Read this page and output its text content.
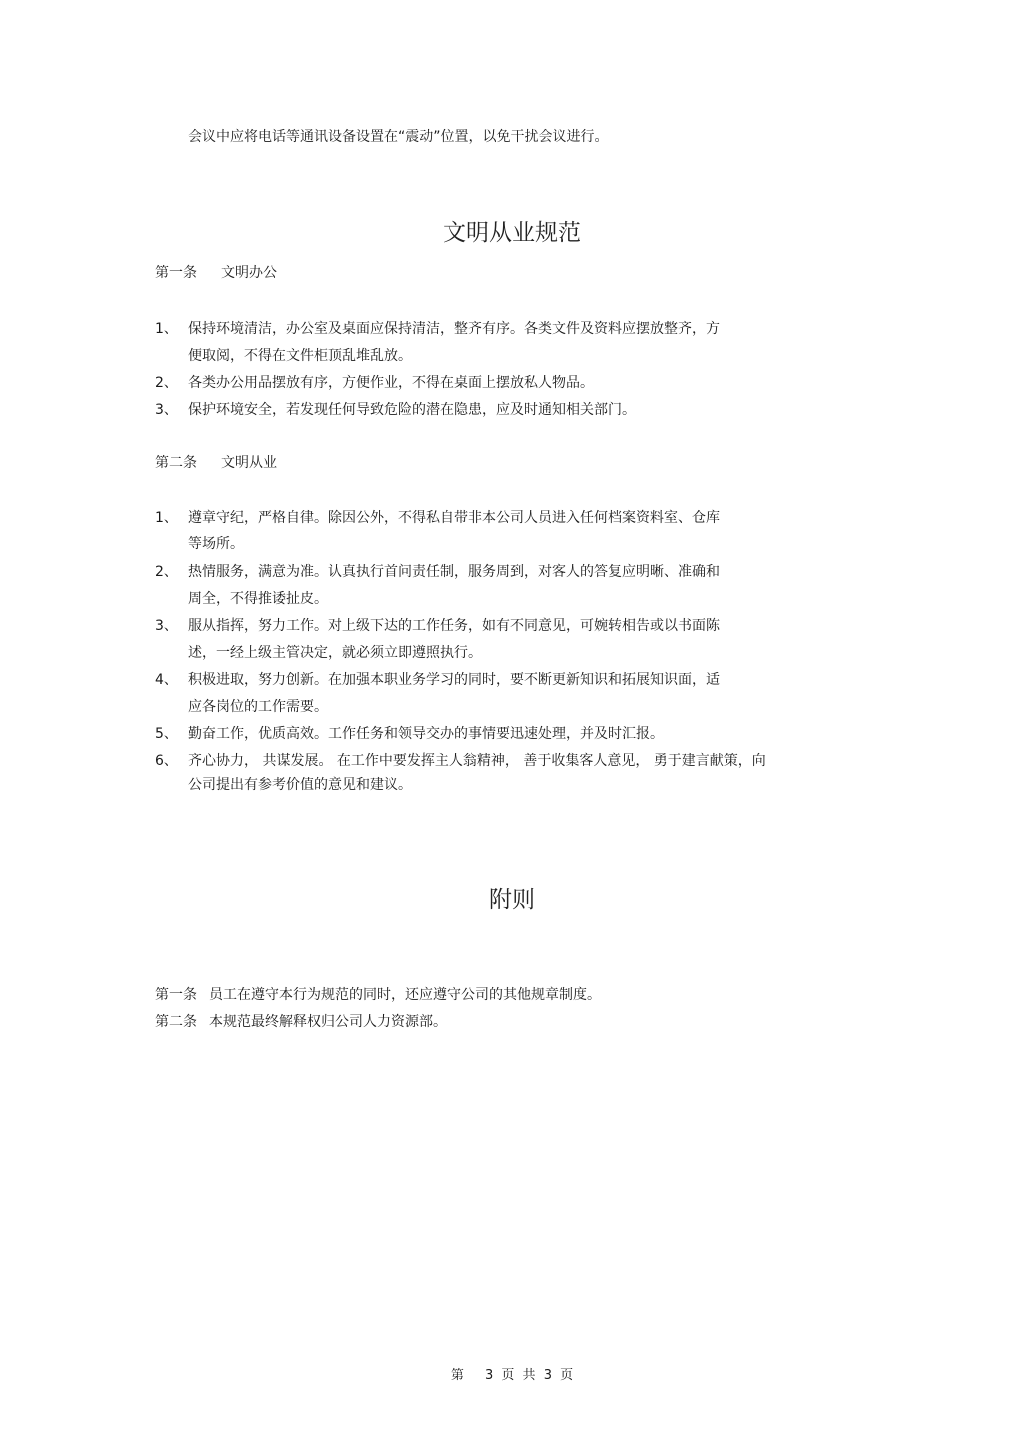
会议中应将电话等通讯设备设置在“震动”位置，以免干扰会议进行。
文明从业规范
第一条 文明办公
1、 保持环境清洁，办公室及桌面应保持清洁，整齐有序。各类文件及资料应摆放整齐，方
便取阅，不得在文件柜顶乱堆乱放。
2、 各类办公用品摆放有序，方便作业，不得在桌面上摆放私人物品。
3、 保护环境安全，若发现任何导致危险的潜在隐患，应及时通知相关部门。
第二条 文明从业
1、 遵章守纪，严格自律。除因公外，不得私自带非本公司人员进入任何档案资料室、仓库
等场所。
2、 热情服务，满意为准。认真执行首问责任制，服务周到，对客人的答复应明晰、准确和
周全，不得推诿扯皮。
3、 服从指挥，努力工作。对上级下达的工作任务，如有不同意见，可婉转相告或以书面陈
述，一经上级主管决定，就必须立即遵照执行。
4、 积极进取，努力创新。在加强本职业务学习的同时，要不断更新知识和拓展知识面，适
应各岗位的工作需要。
5、 勤奋工作，优质高效。工作任务和领导交办的事情要迅速处理，并及时汇报。
6、 齐心协力， 共谋发展。 在工作中要发挥主人翁精神， 善于收集客人意见， 勇于建言献策，向
公司提出有参考价值的意见和建议。
附则
第一条 员工在遵守本行为规范的同时，还应遵守公司的其他规章制度。
第二条 本规范最终解释权归公司人力资源部。
第　 3 页 共 3 页
